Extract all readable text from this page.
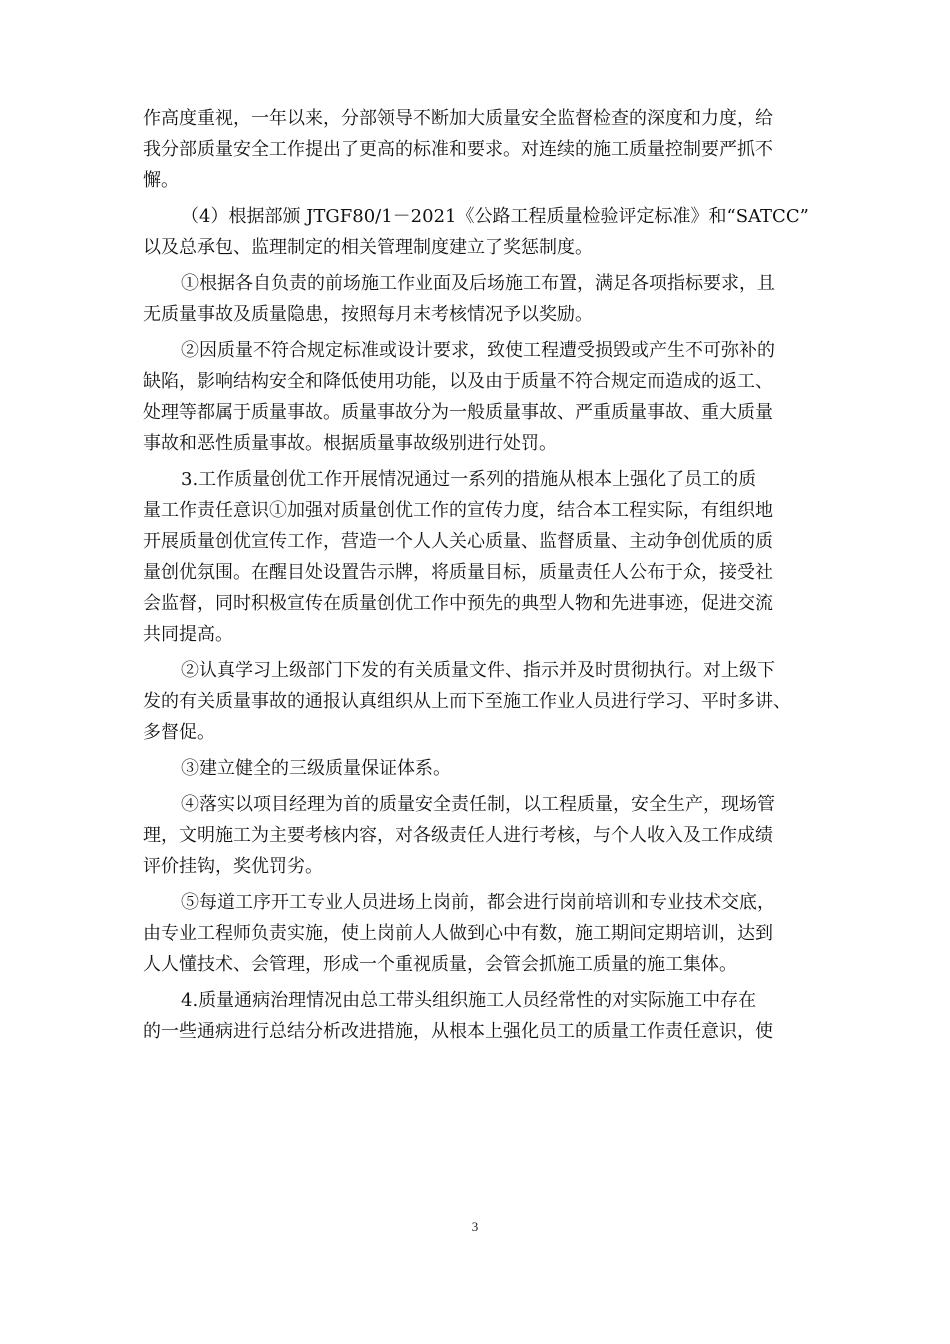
作高度重视，一年以来，分部领导不断加大质量安全监督检查的深度和力度，给
我分部质量安全工作提出了更高的标准和要求。对连续的施工质量控制要严抓不
懈。
（4）根据部颁 JTGF80/1－2021《公路工程质量检验评定标准》和“SATCC”
以及总承包、监理制定的相关管理制度建立了奖惩制度。
①根据各自负责的前场施工作业面及后场施工布置，满足各项指标要求，且
无质量事故及质量隐患，按照每月末考核情况予以奖励。
②因质量不符合规定标准或设计要求，致使工程遭受损毁或产生不可弥补的
缺陷，影响结构安全和降低使用功能，以及由于质量不符合规定而造成的返工、
处理等都属于质量事故。质量事故分为一般质量事故、严重质量事故、重大质量
事故和恶性质量事故。根据质量事故级别进行处罚。
3.工作质量创优工作开展情况通过一系列的措施从根本上强化了员工的质
量工作责任意识①加强对质量创优工作的宣传力度，结合本工程实际，有组织地
开展质量创优宣传工作，营造一个人人关心质量、监督质量、主动争创优质的质
量创优氛围。在醒目处设置告示牌，将质量目标，质量责任人公布于众，接受社
会监督，同时积极宣传在质量创优工作中预先的典型人物和先进事迹，促进交流
共同提高。
②认真学习上级部门下发的有关质量文件、指示并及时贯彻执行。对上级下
发的有关质量事故的通报认真组织从上而下至施工作业人员进行学习、平时多讲、
多督促。
③建立健全的三级质量保证体系。
④落实以项目经理为首的质量安全责任制，以工程质量，安全生产，现场管
理，文明施工为主要考核内容，对各级责任人进行考核，与个人收入及工作成绩
评价挂钩，奖优罚劣。
⑤每道工序开工专业人员进场上岗前，都会进行岗前培训和专业技术交底，
由专业工程师负责实施，使上岗前人人做到心中有数，施工期间定期培训，达到
人人懂技术、会管理，形成一个重视质量，会管会抓施工质量的施工集体。
4.质量通病治理情况由总工带头组织施工人员经常性的对实际施工中存在
的一些通病进行总结分析改进措施，从根本上强化员工的质量工作责任意识，使
3
